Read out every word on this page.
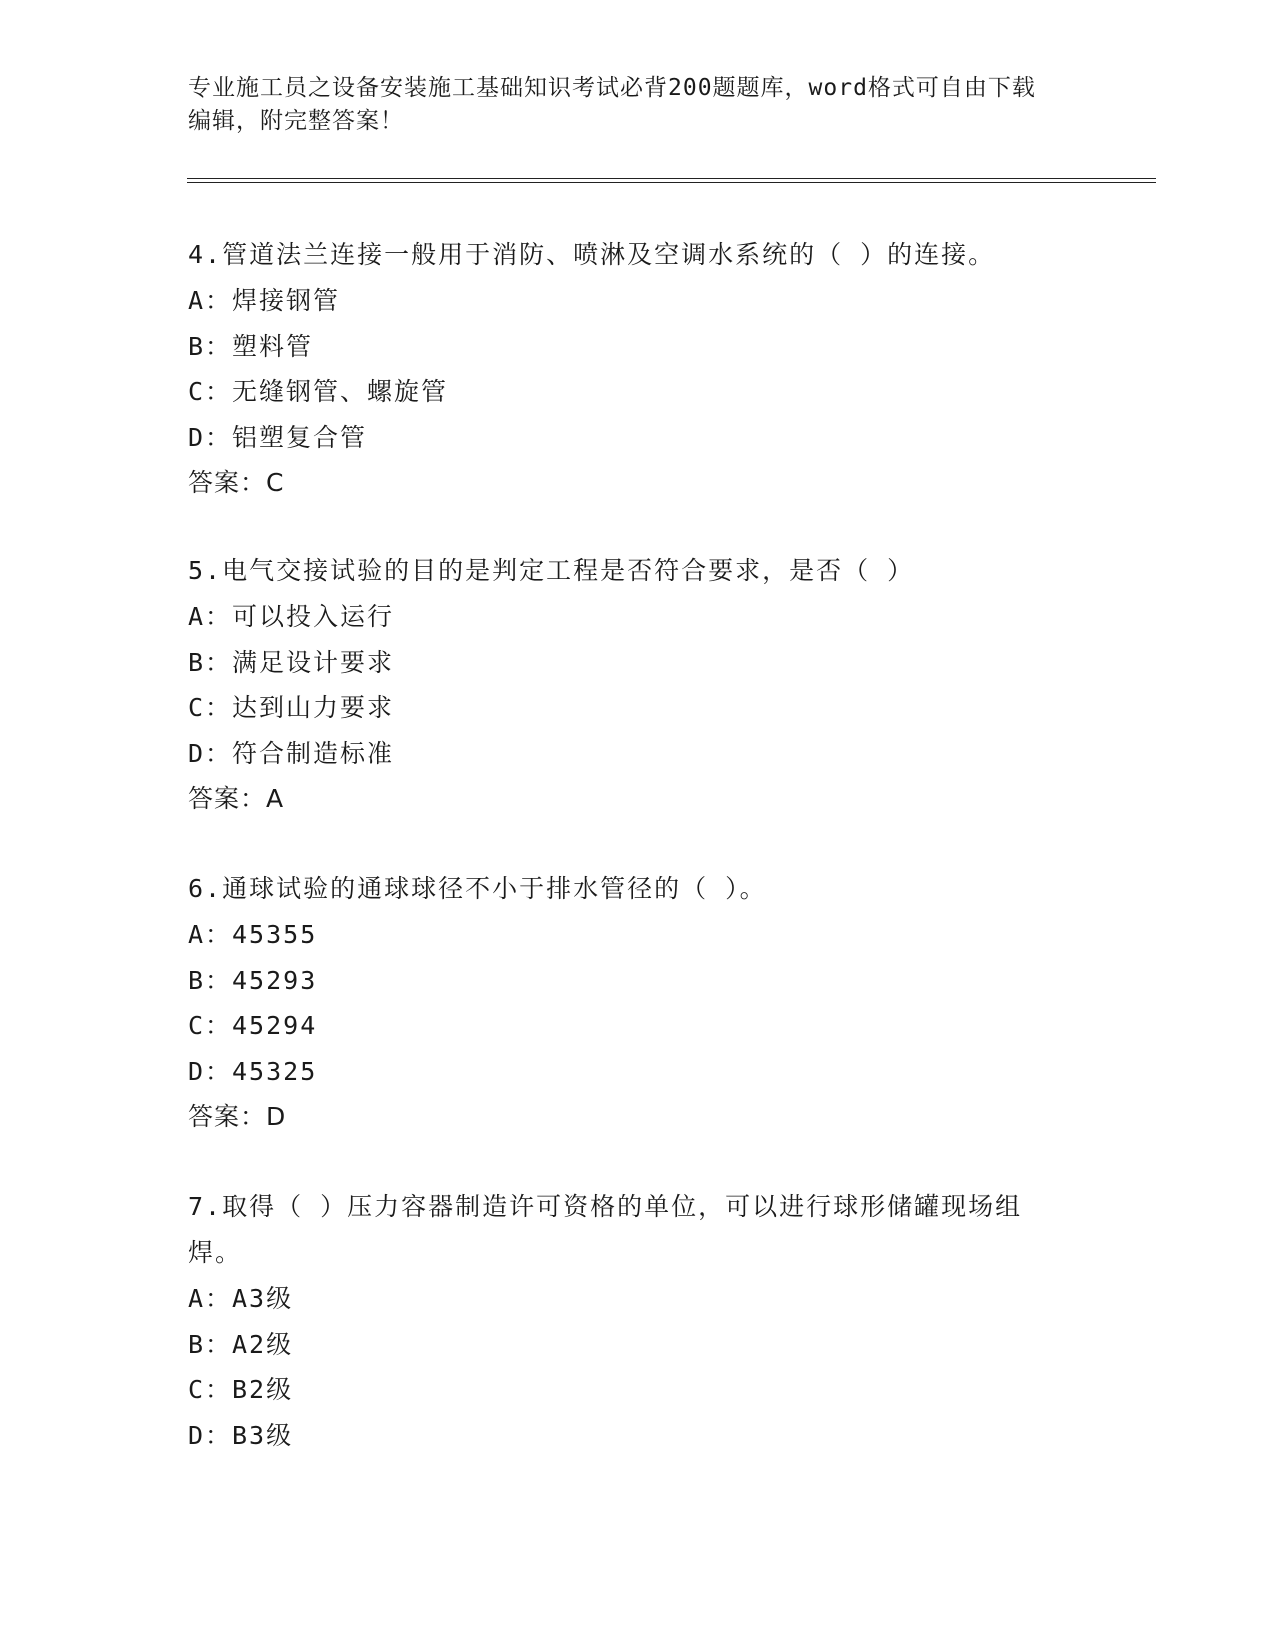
专业施工员之设备安装施工基础知识考试必背200题题库，word格式可自由下载
编辑，附完整答案！

4.管道法兰连接一般用于消防、喷淋及空调水系统的（ ）的连接。

A：焊接钢管

B：塑料管

C：无缝钢管、螺旋管

D：铝塑复合管

答案：C

5.电气交接试验的目的是判定工程是否符合要求，是否（ ）

A：可以投入运行

B：满足设计要求

C：达到山力要求

D：符合制造标准

答案：A

6.通球试验的通球球径不小于排水管径的（ ）。

A：45355

B：45293

C：45294

D：45325

答案：D

7.取得（ ）压力容器制造许可资格的单位，可以进行球形储罐现场组

焊。

A：A3级

B：A2级

C：B2级

D：B3级
